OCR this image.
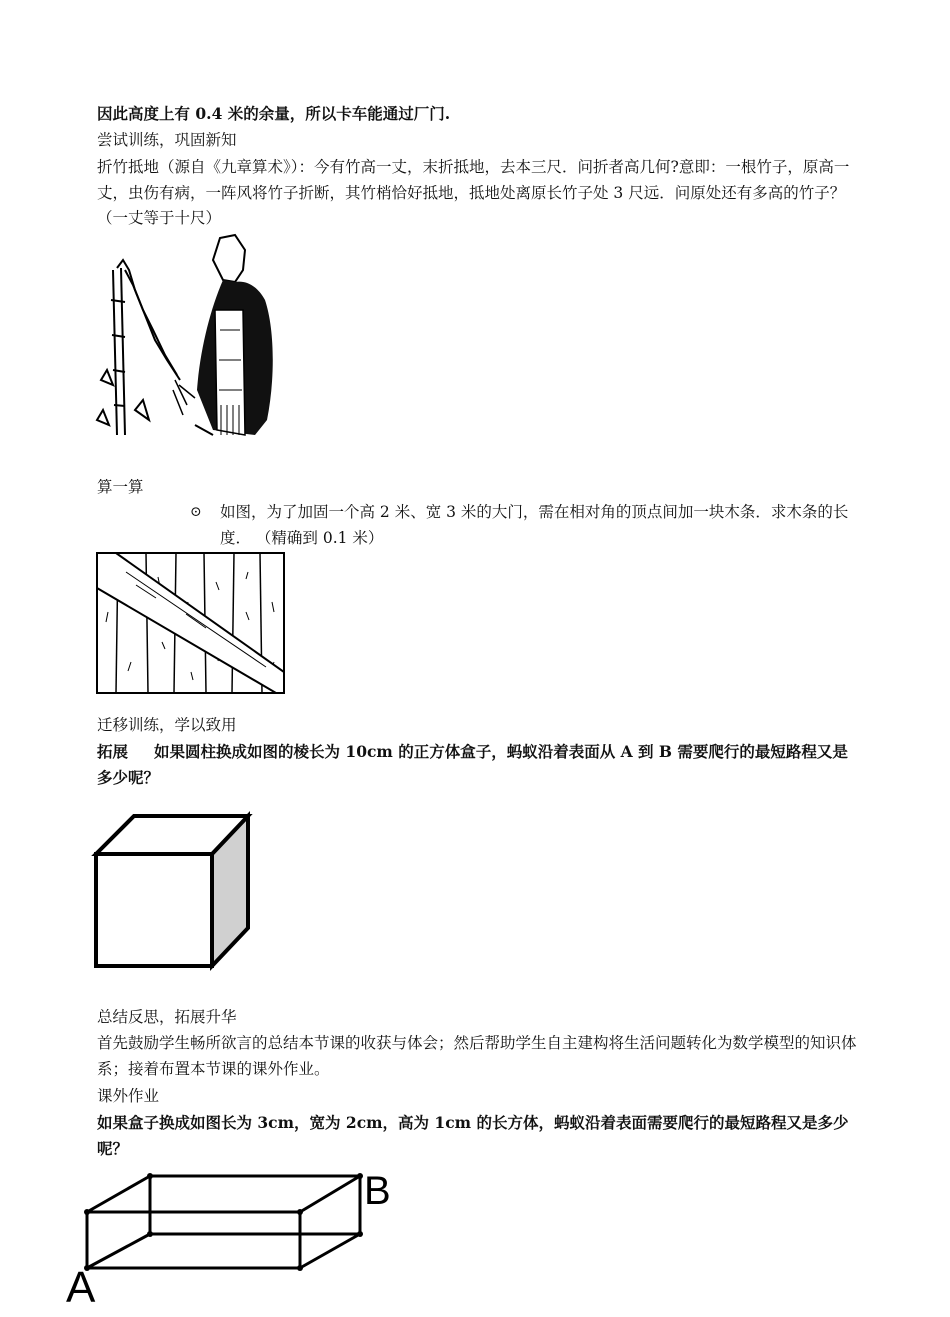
因此高度上有 0.4 米的余量，所以卡车能通过厂门.
尝试训练，巩固新知
折竹抵地（源自《九章算术》）：今有竹高一丈，末折抵地，去本三尺．问折者高几何?意即：一根竹子，原高一丈，虫伤有病，一阵风将竹子折断，其竹梢恰好抵地，抵地处离原长竹子处 3 尺远．问原处还有多高的竹子？（一丈等于十尺）
算一算
⊙ 如图，为了加固一个高 2 米、宽 3 米的大门，需在相对角的顶点间加一块木条．求木条的长度． （精确到 0.1 米）
迁移训练，学以致用
拓展 如果圆柱换成如图的棱长为 10cm 的正方体盒子，蚂蚁沿着表面从 A 到 B 需要爬行的最短路程又是多少呢？
总结反思，拓展升华
首先鼓励学生畅所欲言的总结本节课的收获与体会；然后帮助学生自主建构将生活问题转化为数学模型的知识体系；接着布置本节课的课外作业。
课外作业
如果盒子换成如图长为 3cm，宽为 2cm，高为 1cm 的长方体，蚂蚁沿着表面需要爬行的最短路程又是多少呢？
A
B
